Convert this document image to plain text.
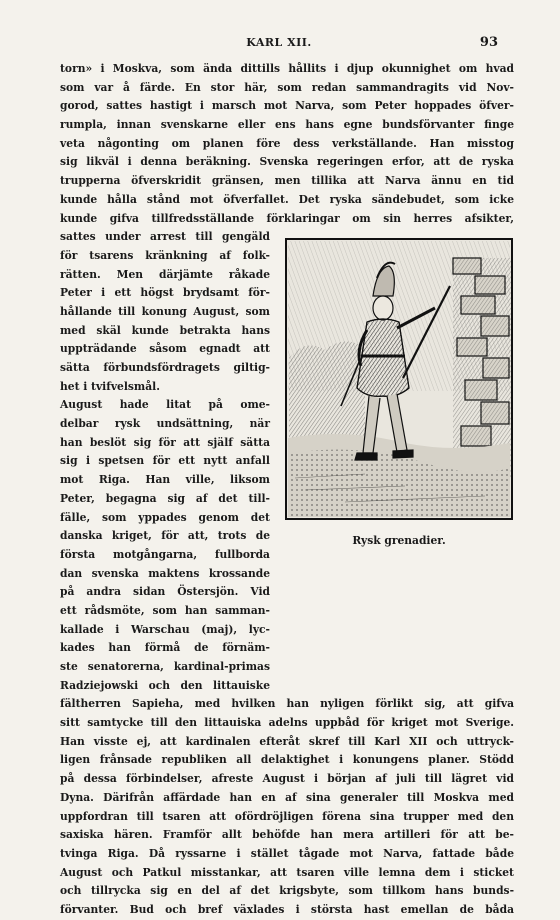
KARL XII.	93
torn» i Moskva, som ända dittills hållits i djup okunnighet om hvad
som var å färde. En stor här, som redan sammandragits vid Nov-
gorod, sattes hastigt i marsch mot Narva, som Peter hoppades öfver-
rumpla, innan svenskarne eller ens hans egne bundsförvanter finge
veta någonting om planen före dess verkställande. Han misstog
sig likväl i denna beräkning. Svenska regeringen erfor, att de ryska
trupperna öfverskridit gränsen, men tillika att Narva ännu en tid
kunde hålla stånd mot öfverfallet. Det ryska sändebudet, som icke
kunde gifva tillfredsställande förklaringar om sin herres afsikter,
sattes under arrest till gengäld
för tsarens kränkning af folk-
rätten. Men därjämte råkade
Peter i ett högst brydsamt för-
hållande till konung August, som
med skäl kunde betrakta hans
uppträdande såsom egnadt att
sätta förbundsfördragets giltig-
het i tvifvelsmål.
August hade litat på ome-
delbar rysk undsättning, när
han beslöt sig för att själf sätta
sig i spetsen för ett nytt anfall
mot Riga. Han ville, liksom
Peter, begagna sig af det till-
fälle, som yppades genom det
danska kriget, för att, trots de
första motgångarna, fullborda
dan svenska maktens krossande
på andra sidan Östersjön. Vid
ett rådsmöte, som han samman-
kallade i Warschau (maj), lyc-
kades han förmå de förnäm-
ste senatorerna, kardinal-primas
Radziejowski och den littauiske
fältherren Sapieha, med hvilken han nyligen förlikt sig, att gifva
sitt samtycke till den littauiska adelns uppbåd för kriget mot Sverige.
Han visste ej, att kardinalen efteråt skref till Karl XII och uttryck-
ligen frånsade republiken all delaktighet i konungens planer. Stödd
på dessa förbindelser, afreste August i början af juli till lägret vid
Dyna. Därifrån affärdade han en af sina generaler till Moskva med
uppfordran till tsaren att ofördröjligen förena sina trupper med den
saxiska hären. Framför allt behöfde han mera artilleri för att be-
tvinga Riga. Då ryssarne i stället tågade mot Narva, fattade både
August och Patkul misstankar, att tsaren ville lemna dem i sticket
och tillrycka sig en del af det krigsbyte, som tillkom hans bunds-
förvanter. Bud och bref växlades i största hast emellan de båda
Rysk grenadier.
